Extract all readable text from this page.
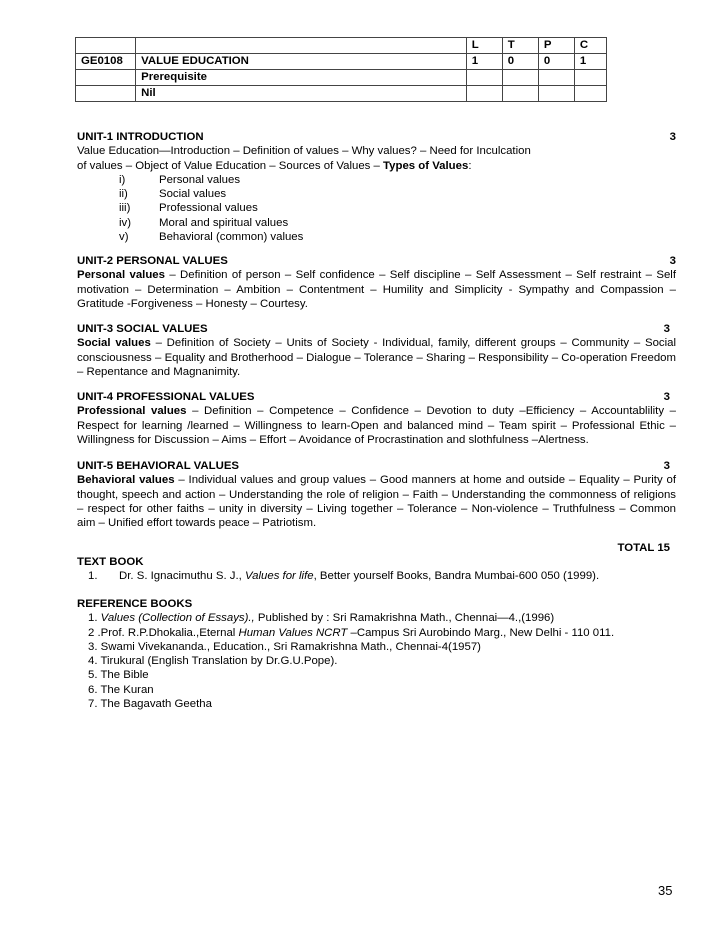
		L	T	P	C
GE0108	VALUE EDUCATION	1	0	0	1
	Prerequisite				
	Nil				
UNIT-1 INTRODUCTION	3
Value Education—Introduction – Definition of values – Why values? – Need for Inculcation
of values – Object of Value Education – Sources of Values – Types of Values:
i)	Personal values
ii)	Social values
iii)	Professional values
iv)	Moral and spiritual values
v)	Behavioral (common) values
UNIT-2 PERSONAL VALUES	3
Personal values – Definition of person – Self confidence – Self discipline – Self Assessment – Self restraint – Self motivation – Determination – Ambition – Contentment – Humility and Simplicity - Sympathy and Compassion – Gratitude -Forgiveness – Honesty – Courtesy.
UNIT-3 SOCIAL VALUES	3
Social values – Definition of Society – Units of Society - Individual, family, different groups – Community – Social consciousness – Equality and Brotherhood – Dialogue – Tolerance – Sharing – Responsibility – Co-operation Freedom – Repentance and Magnanimity.
UNIT-4 PROFESSIONAL VALUES	3
Professional values – Definition – Competence – Confidence – Devotion to duty –Efficiency – Accountablility – Respect for learning /learned – Willingness to learn-Open and balanced mind – Team spirit – Professional Ethic – Willingness for Discussion – Aims – Effort – Avoidance of Procrastination and slothfulness –Alertness.
UNIT-5 BEHAVIORAL VALUES	3
Behavioral values – Individual values and group values – Good manners at home and outside – Equality – Purity of thought, speech and action – Understanding the role of religion – Faith – Understanding the commonness of religions – respect for other faiths – unity in diversity – Living together – Tolerance – Non-violence – Truthfulness – Common aim – Unified effort towards peace – Patriotism.
TOTAL 15
TEXT BOOK
1.	Dr. S. Ignacimuthu S. J., Values for life, Better yourself Books, Bandra Mumbai-600 050 (1999).
REFERENCE BOOKS
1. Values (Collection of Essays)., Published by : Sri Ramakrishna Math., Chennai—4.,(1996)
2 .Prof. R.P.Dhokalia.,Eternal Human Values NCRT –Campus Sri Aurobindo Marg., New Delhi - 110 011.
3. Swami Vivekananda., Education., Sri Ramakrishna Math., Chennai-4(1957)
4. Tirukural (English Translation by Dr.G.U.Pope).
5. The Bible
6. The Kuran
7. The Bagavath Geetha
35
